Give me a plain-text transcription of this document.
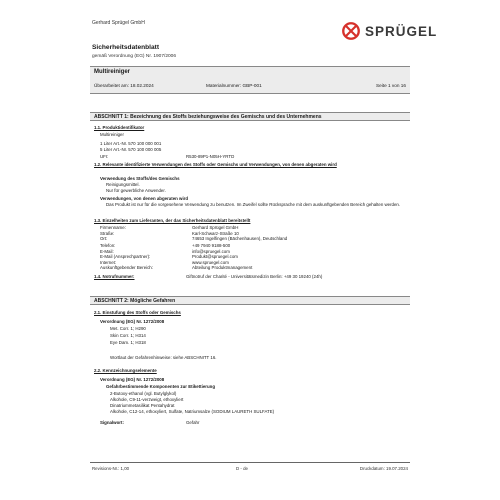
Gerhard Sprügel GmbH
SPRÜGEL
Sicherheitsdatenblatt
gemäß Verordnung (EG) Nr. 1907/2006
Multireiniger
Überarbeitet am: 18.02.2024	Materialnummer: GBP-001	Seite 1 von 16
ABSCHNITT 1: Bezeichnung des Stoffs beziehungsweise des Gemischs und des Unternehmens
1.1. Produktidentifikator
Multireiniger
1 Liter Art.-Nr. 570 100 000 001
5 Liter Art.-Nr. 570 100 000 005
UFI:	R530-89P1-N05H-YRTD
1.2. Relevante identifizierte Verwendungen des Stoffs oder Gemischs und Verwendungen, von denen abgeraten wird
Verwendung des Stoffs/des Gemischs
Reinigungsmittel.
Nur für gewerbliche Anwender.
Verwendungen, von denen abgeraten wird
Das Produkt ist nur für die vorgesehene Verwendung zu benutzen. Im Zweifel sollte Rücksprache mit dem auskunftgebenden Bereich gehalten werden.
1.3. Einzelheiten zum Lieferanten, der das Sicherheitsdatenblatt bereitstellt
Firmenname:	Gerhard Sprügel GmbH
Straße:	Karl-Schwarz-Straße 10
Ort:	74653 Ingelfingen (Bächenhausen), Deutschland
Telefon:	+49 7940 9188-500
E-Mail:	info@spruegel.com
E-Mail (Ansprechpartner):	Produkt@spruegel.com
Internet:	www.spruegel.com
Auskunftgebender Bereich:	Abteilung Produktmanagement
1.4. Notrufnummer:	Giftnotruf der Charité - Universitätsmedizin Berlin: +49 30 19240 (24h)
ABSCHNITT 2: Mögliche Gefahren
2.1. Einstufung des Stoffs oder Gemischs
Verordnung (EG) Nr. 1272/2008
Met. Corr. 1; H290
Skin Corr. 1; H314
Eye Dam. 1; H318
Wortlaut der Gefahrenhinweise: siehe ABSCHNITT 16.
2.2. Kennzeichnungselemente
Verordnung (EG) Nr. 1272/2008
Gefahrbestimmende Komponenten zur Etikettierung
2-Butoxy-ethanol (vgl. Butylglykol)
Alkohole, C9-11-verzweigt, ethoxyliert
Dinatriummetasilikat Pentahydrat
Alkohole, C12-14, ethoxyliert, Sulfate, Natriumsalze (SODIUM LAURETH SULFATE)
Signalwort:	Gefahr
Revisions-Nr.: 1,00	D - de	Druckdatum: 19.07.2024
